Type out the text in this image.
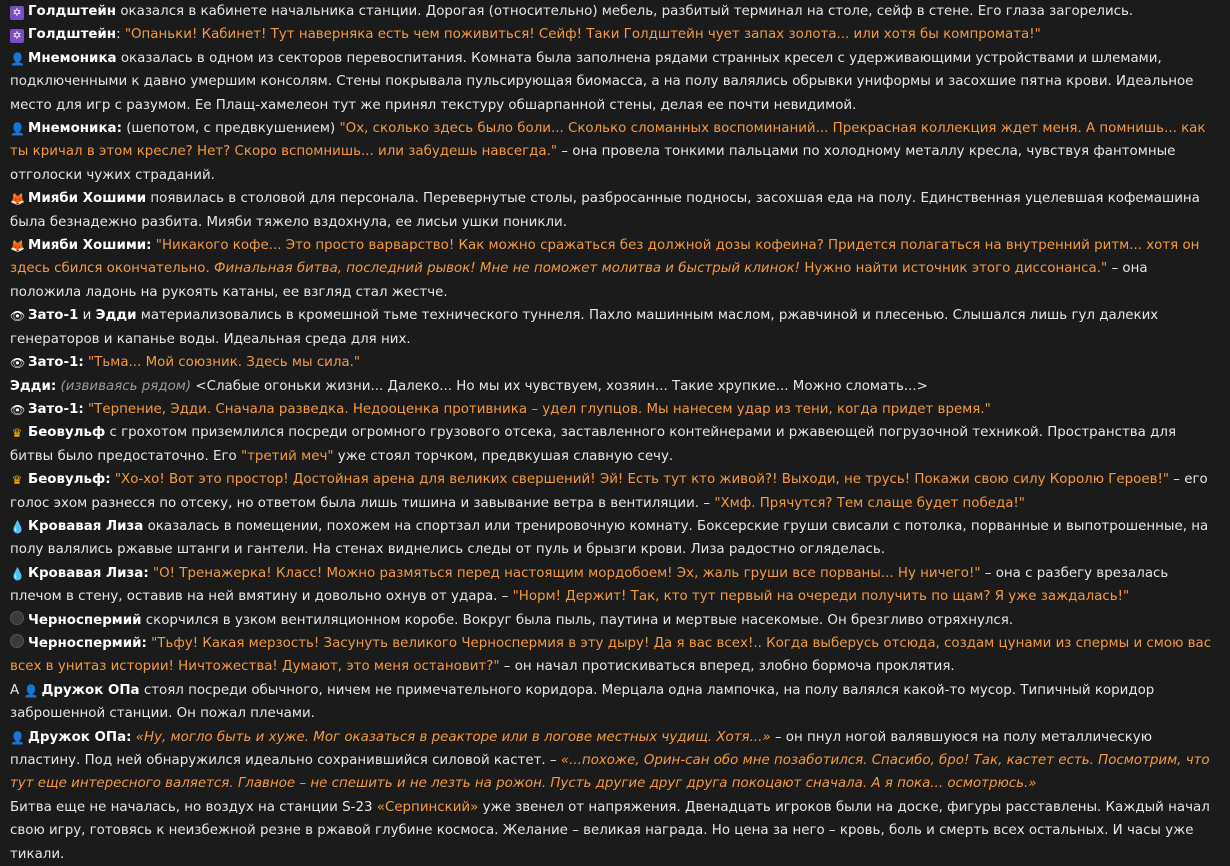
✡ Голдштейн оказался в кабинете начальника станции. Дорогая (относительно) мебель, разбитый терминал на столе, сейф в стене. Его глаза загорелись.

✡ Голдштейн: "Опаньки! Кабинет! Тут наверняка есть чем поживиться! Сейф! Таки Голдштейн чует запах золота... или хотя бы компромата!"

👤 Мнемоника оказалась в одном из секторов перевоспитания. Комната была заполнена рядами странных кресел с удерживающими устройствами и шлемами, подключенными к давно умершим консолям. Стены покрывала пульсирующая биомасса, а на полу валялись обрывки униформы и засохшие пятна крови. Идеальное место для игр с разумом. Ее Плащ-хамелеон тут же принял текстуру обшарпанной стены, делая ее почти невидимой.

👤 Мнемоника: (шепотом, с предвкушением) "Ох, сколько здесь было боли... Сколько сломанных воспоминаний... Прекрасная коллекция ждет меня. А помнишь... как ты кричал в этом кресле? Нет? Скоро вспомнишь... или забудешь навсегда." – она провела тонкими пальцами по холодному металлу кресла, чувствуя фантомные отголоски чужих страданий.

🦊 Мияби Хошими появилась в столовой для персонала. Перевернутые столы, разбросанные подносы, засохшая еда на полу. Единственная уцелевшая кофемашина была безнадежно разбита. Мияби тяжело вздохнула, ее лисьи ушки поникли.

🦊 Мияби Хошими: "Никакого кофе... Это просто варварство! Как можно сражаться без должной дозы кофеина? Придется полагаться на внутренний ритм... хотя он здесь сбился окончательно. Финальная битва, последний рывок! Мне не поможет молитва и быстрый клинок! Нужно найти источник этого диссонанса." – она положила ладонь на рукоять катаны, ее взгляд стал жестче.

👁 Зато-1 и Эдди материализовались в кромешной тьме технического туннеля. Пахло машинным маслом, ржавчиной и плесенью. Слышался лишь гул далеких генераторов и капанье воды. Идеальная среда для них.

👁 Зато-1: "Тьма... Мой союзник. Здесь мы сила."

Эдди: (извиваясь рядом) <Слабые огоньки жизни... Далеко... Но мы их чувствуем, хозяин... Такие хрупкие... Можно сломать...>

👁 Зато-1: "Терпение, Эдди. Сначала разведка. Недооценка противника – удел глупцов. Мы нанесем удар из тени, когда придет время."

♛ Беовульф с грохотом приземлился посреди огромного грузового отсека, заставленного контейнерами и ржавеющей погрузочной техникой. Пространства для битвы было предостаточно. Его "третий меч" уже стоял торчком, предвкушая славную сечу.

♛ Беовульф: "Хо-хо! Вот это простор! Достойная арена для великих свершений! Эй! Есть тут кто живой?! Выходи, не трусь! Покажи свою силу Королю Героев!" – его голос эхом разнесся по отсеку, но ответом была лишь тишина и завывание ветра в вентиляции. – "Хмф. Прячутся? Тем слаще будет победа!"

💧 Кровавая Лиза оказалась в помещении, похожем на спортзал или тренировочную комнату. Боксерские груши свисали с потолка, порванные и выпотрошенные, на полу валялись ржавые штанги и гантели. На стенах виднелись следы от пуль и брызги крови. Лиза радостно огляделась.

💧 Кровавая Лиза: "О! Тренажерка! Класс! Можно размяться перед настоящим мордобоем! Эх, жаль груши все порваны... Ну ничего!" – она с разбегу врезалась плечом в стену, оставив на ней вмятину и довольно охнув от удара. – "Норм! Держит! Так, кто тут первый на очереди получить по щам? Я уже заждалась!"

Черноспермий скорчился в узком вентиляционном коробе. Вокруг была пыль, паутина и мертвые насекомые. Он брезгливо отряхнулся.

Черноспермий: "Тьфу! Какая мерзость! Засунуть великого Черноспермия в эту дыру! Да я вас всех!.. Когда выберусь отсюда, создам цунами из спермы и смою вас всех в унитаз истории! Ничтожества! Думают, это меня остановит?" – он начал протискиваться вперед, злобно бормоча проклятия.

А 👤 Дружок ОПа стоял посреди обычного, ничем не примечательного коридора. Мерцала одна лампочка, на полу валялся какой-то мусор. Типичный коридор заброшенной станции. Он пожал плечами.

👤 Дружок ОПа: «Ну, могло быть и хуже. Мог оказаться в реакторе или в логове местных чудищ. Хотя...» – он пнул ногой валявшуюся на полу металлическую пластину. Под ней обнаружился идеально сохранившийся силовой кастет. – «...похоже, Орин-сан обо мне позаботился. Спасибо, бро! Так, кастет есть. Посмотрим, что тут еще интересного валяется. Главное – не спешить и не лезть на рожон. Пусть другие друг друга покоцают сначала. А я пока... осмотрюсь.»

Битва еще не началась, но воздух на станции S-23 «Серпинский» уже звенел от напряжения. Двенадцать игроков были на доске, фигуры расставлены. Каждый начал свою игру, готовясь к неизбежной резне в ржавой глубине космоса. Желание – великая награда. Но цена за него – кровь, боль и смерть всех остальных. И часы уже тикали.
